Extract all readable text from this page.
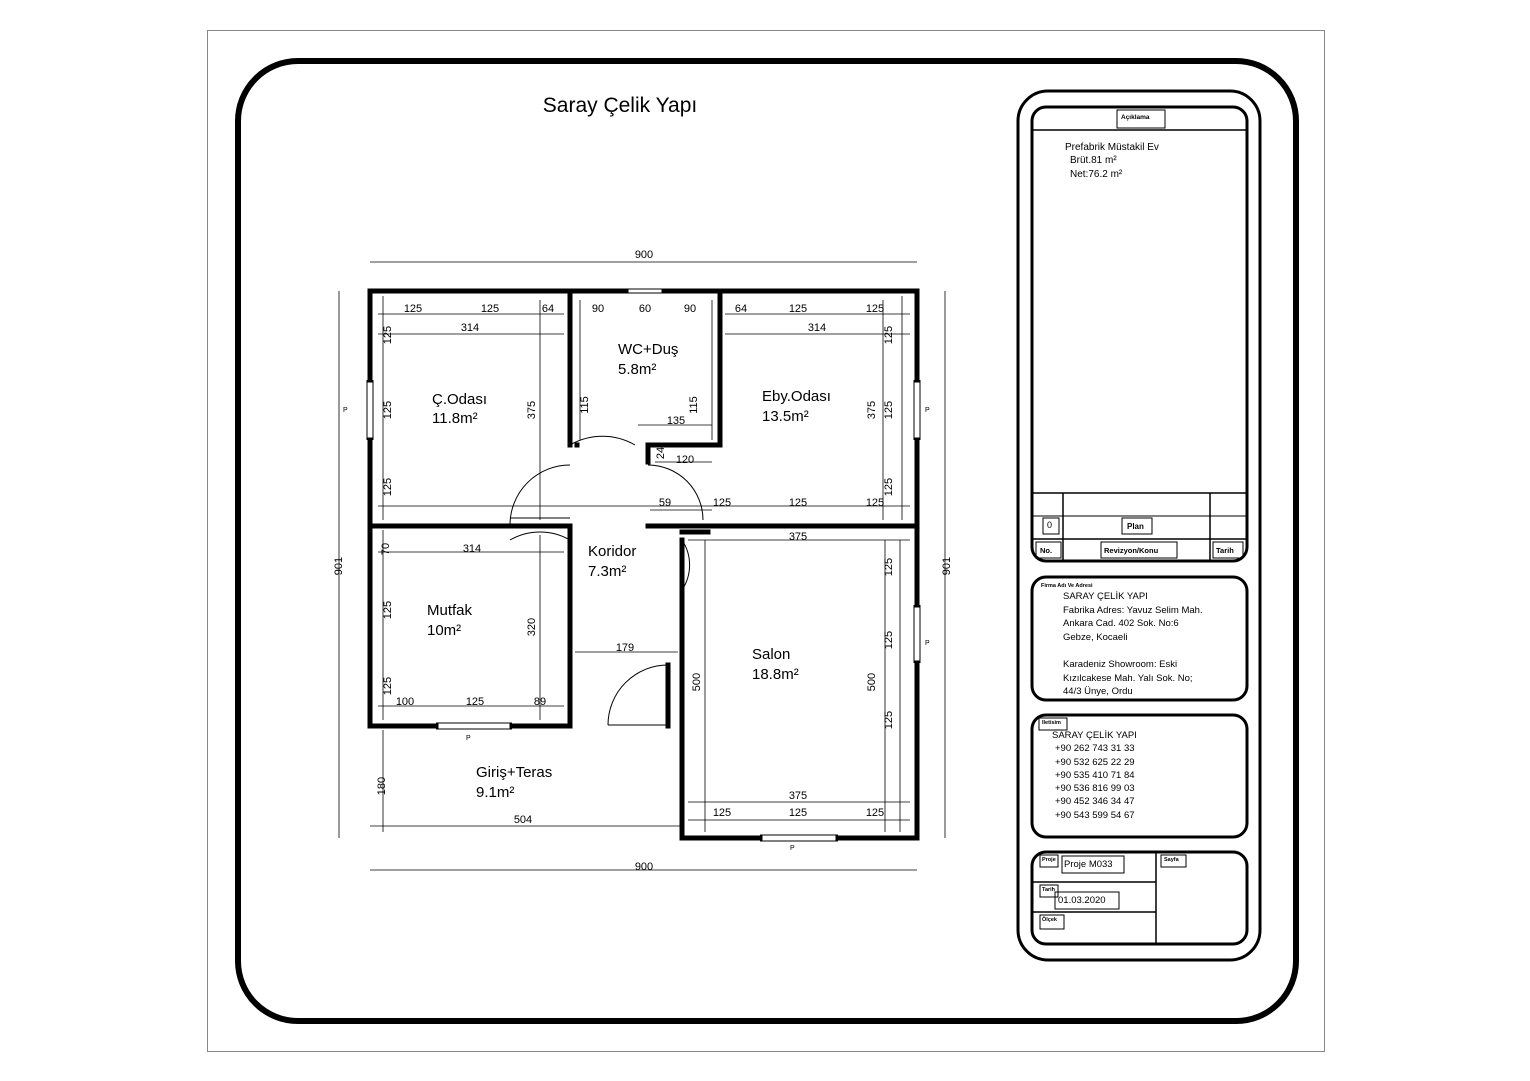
Saray Çelik Yapı
P	P
P
P
P
900
900
901	901
125	125	64	90	60	90	64	125	125
314	314
125
125
125
375
125
125
125
375
115	115
135
24
120
59	125	125	125
70	314
375
125
125
320
125
125
179
500	500
100	125	89
180
504
375
125	125	125
125
Ç.Odası
11.8m²
WC+Duş
5.8m²
Eby.Odası
13.5m²
Koridor
7.3m²
Mutfak
10m²
Salon
18.8m²
Giriş+Teras
9.1m²
Açıklama
Prefabrik Müstakil Ev
Brüt.81 m²
Net:76.2 m²
0	Plan
No.	Revizyon/Konu	Tarih
Firma Adı Ve Adresi
SARAY ÇELİK YAPI
Fabrika Adres: Yavuz Selim Mah.
Ankara Cad. 402 Sok. No:6
Gebze, Kocaeli
Karadeniz Showroom: Eski
Kızılcakese Mah. Yalı Sok. No;
44/3 Ünye, Ordu
Iletisim
SARAY ÇELİK YAPI
+90 262 743 31 33
+90 532 625 22 29
+90 535 410 71 84
+90 536 816 99 03
+90 452 346 34 47
+90 543 599 54 67
Proje Proje M033	Sayfa
Tarih
01.03.2020
Ölçek
